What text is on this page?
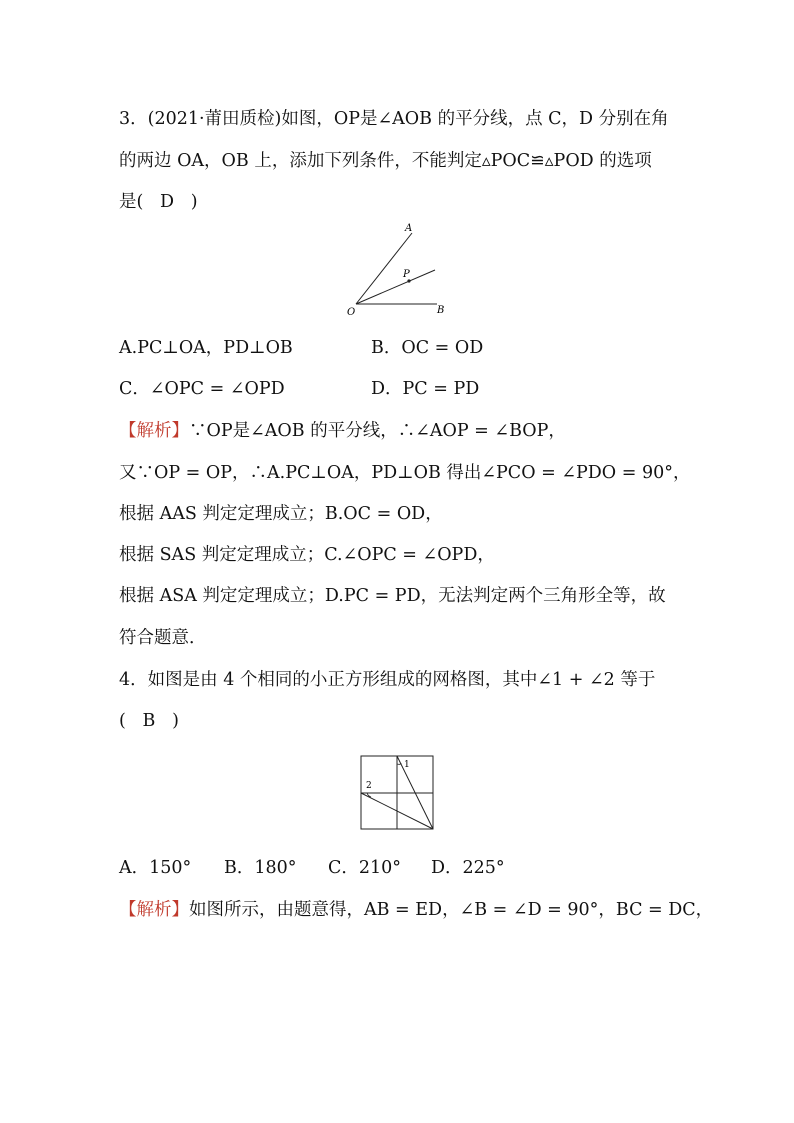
3．(2021·莆田质检)如图，OP是∠AOB 的平分线，点 C，D 分别在角
的两边 OA，OB 上，添加下列条件，不能判定▵POC≌▵POD 的选项
是(   D   )
A
P
O	B
A.PC⊥OA，PD⊥OB	B．OC = OD
C．∠OPC = ∠OPD	D．PC = PD
【解析】∵OP是∠AOB 的平分线，∴∠AOP = ∠BOP，
又∵OP = OP，∴A.PC⊥OA，PD⊥OB 得出∠PCO = ∠PDO = 90°，
根据 AAS 判定定理成立；B.OC = OD，
根据 SAS 判定定理成立；C.∠OPC = ∠OPD，
根据 ASA 判定定理成立；D.PC = PD，无法判定两个三角形全等，故
符合题意．
4．如图是由 4 个相同的小正方形组成的网格图，其中∠1 + ∠2 等于
(   B   )
1
2
A．150° B．180° C．210° D．225°
【解析】如图所示，由题意得，AB = ED，∠B = ∠D = 90°，BC = DC，
